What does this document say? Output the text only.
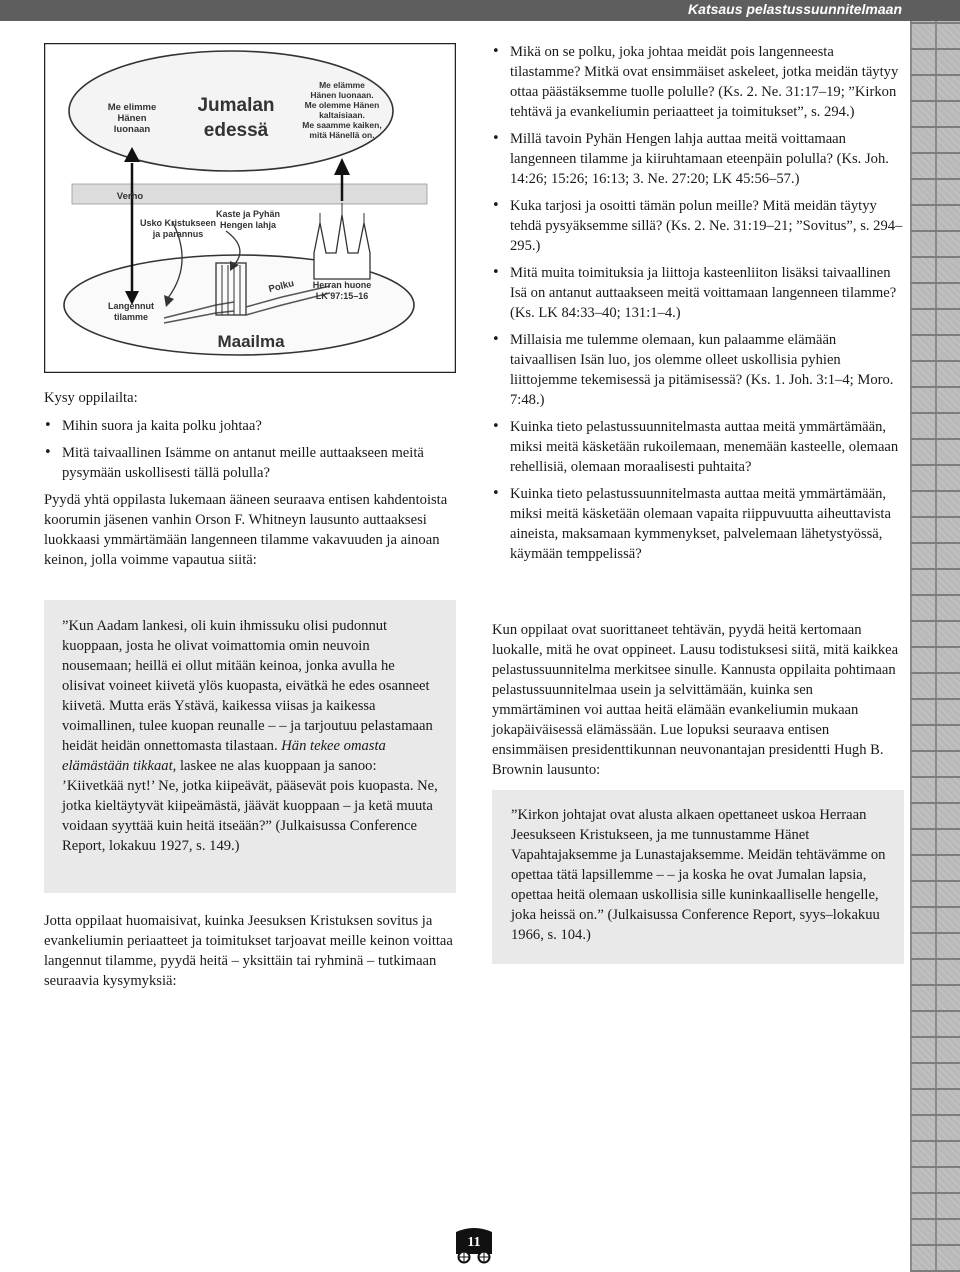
Katsaus pelastussuunnitelmaan
Me elimme Hänen luonaan
Jumalan
edessä
Me elämme Hänen luonaan. Me olemme Hänen kaltaisiaan. Me saamme kaiken, mitä Hänellä on.
Verho
Usko Kristukseen ja parannus
Kaste ja Pyhän Hengen lahja
Langennut tilamme
Polku Herran huone LK 97:15–16
Maailma
Kysy oppilailta:
• Mihin suora ja kaita polku johtaa?
• Mitä taivaallinen Isämme on antanut meille auttaakseen meitä pysymään uskollisesti tällä polulla?
Pyydä yhtä oppilasta lukemaan ääneen seuraava entisen kahdentoista koorumin jäsenen vanhin Orson F. Whitneyn lausunto auttaaksesi luokkaasi ymmärtämään langenneen tilamme vakavuuden ja ainoan keinon, jolla voimme vapautua siitä:
”Kun Aadam lankesi, oli kuin ihmissuku olisi pudonnut kuoppaan, josta he olivat voimattomia omin neuvoin nousemaan; heillä ei ollut mitään keinoa, jonka avulla he olisivat voineet kiivetä ylös kuopasta, eivätkä he edes osanneet kiivetä. Mutta eräs Ystävä, kaikessa viisas ja kaikessa voimallinen, tulee kuopan reunalle – – ja tarjoutuu pelastamaan heidät heidän onnettomasta tilastaan. Hän tekee omasta elämästään tikkaat, laskee ne alas kuoppaan ja sanoo: ’Kiivetkää nyt!’ Ne, jotka kiipeävät, pääsevät pois kuopasta. Ne, jotka kieltäytyvät kiipeämästä, jäävät kuoppaan – ja ketä muuta voidaan syyttää kuin heitä itseään?” (Julkaisussa Conference Report, lokakuu 1927, s. 149.)
Jotta oppilaat huomaisivat, kuinka Jeesuksen Kristuksen sovitus ja evankeliumin periaatteet ja toimitukset tarjoavat meille keinon voittaa langennut tilamme, pyydä heitä – yksittäin tai ryhminä – tutkimaan seuraavia kysymyksiä:
• Mikä on se polku, joka johtaa meidät pois langenneesta tilastamme? Mitkä ovat ensimmäiset askeleet, jotka meidän täytyy ottaa päästäksemme tuolle polulle? (Ks. 2. Ne. 31:17–19; ”Kirkon tehtävä ja evankeliumin periaatteet ja toimitukset”, s. 294.)
• Millä tavoin Pyhän Hengen lahja auttaa meitä voittamaan langenneen tilamme ja kiiruhtamaan eteenpäin polulla? (Ks. Joh. 14:26; 15:26; 16:13; 3. Ne. 27:20; LK 45:56–57.)
• Kuka tarjosi ja osoitti tämän polun meille? Mitä meidän täytyy tehdä pysyäksemme sillä? (Ks. 2. Ne. 31:19–21; ”Sovitus”, s. 294–295.)
• Mitä muita toimituksia ja liittoja kasteenliiton lisäksi taivaallinen Isä on antanut auttaakseen meitä voittamaan langenneen tilamme? (Ks. LK 84:33–40; 131:1–4.)
• Millaisia me tulemme olemaan, kun palaamme elämään taivaallisen Isän luo, jos olemme olleet uskollisia pyhien liittojemme tekemisessä ja pitämisessä? (Ks. 1. Joh. 3:1–4; Moro. 7:48.)
• Kuinka tieto pelastussuunnitelmasta auttaa meitä ymmärtämään, miksi meitä käsketään rukoilemaan, menemään kasteelle, olemaan rehellisiä, olemaan moraalisesti puhtaita?
• Kuinka tieto pelastussuunnitelmasta auttaa meitä ymmärtämään, miksi meitä käsketään olemaan vapaita riippuvuutta aiheuttavista aineista, maksamaan kymmenykset, palvelemaan lähetystyössä, käymään temppelissä?
Kun oppilaat ovat suorittaneet tehtävän, pyydä heitä kertomaan luokalle, mitä he ovat oppineet. Lausu todistuksesi siitä, mitä kaikkea pelastussuunnitelma merkitsee sinulle. Kannusta oppilaita pohtimaan pelastussuunnitelmaa usein ja selvittämään, kuinka sen ymmärtäminen voi auttaa heitä elämään evankeliumin mukaan jokapäiväisessä elämässään. Lue lopuksi seuraava entisen ensimmäisen presidenttikunnan neuvonantajan presidentti Hugh B. Brownin lausunto:
”Kirkon johtajat ovat alusta alkaen opettaneet uskoa Herraan Jeesukseen Kristukseen, ja me tunnustamme Hänet Vapahtajaksemme ja Lunastajaksemme. Meidän tehtävämme on opettaa tätä lapsillemme – – ja koska he ovat Jumalan lapsia, opettaa heitä olemaan uskollisia sille kuninkaalliselle hengelle, joka heissä on.” (Julkaisussa Conference Report, syys–lokakuu 1966, s. 104.)
11
